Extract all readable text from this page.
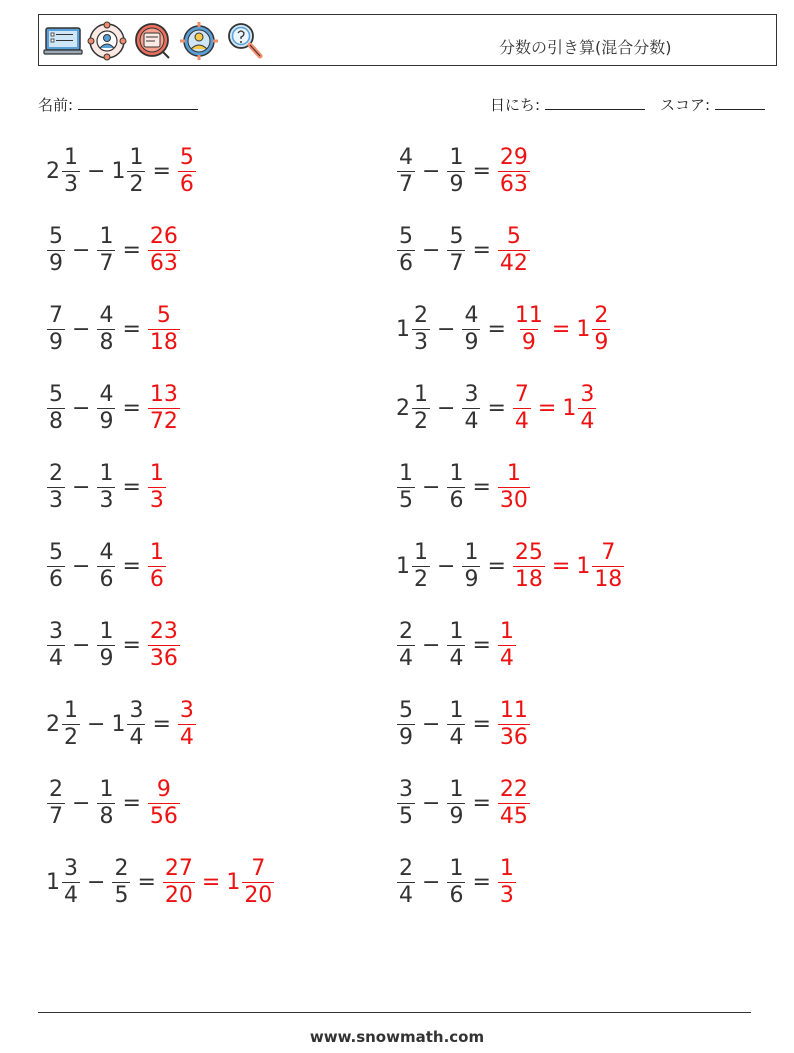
分数の引き算(混合分数)
名前:	日にち:	スコア:
$2 \frac{1}{3} - 1 \frac{1}{2} = \frac{5}{6}$	$\frac{4}{7} - \frac{1}{9} = \frac{29}{63}$
$\frac{5}{9} - \frac{1}{7} = \frac{26}{63}$	$\frac{5}{6} - \frac{5}{7} = \frac{5}{42}$
$\frac{7}{9} - \frac{4}{8} = \frac{5}{18}$	$1 \frac{2}{3} - \frac{4}{9} = \frac{11}{9} = 1 \frac{2}{9}$
$\frac{5}{8} - \frac{4}{9} = \frac{13}{72}$	$2 \frac{1}{2} - \frac{3}{4} = \frac{7}{4} = 1 \frac{3}{4}$
$\frac{2}{3} - \frac{1}{3} = \frac{1}{3}$	$\frac{1}{5} - \frac{1}{6} = \frac{1}{30}$
$\frac{5}{6} - \frac{4}{6} = \frac{1}{6}$	$1 \frac{1}{2} - \frac{1}{9} = \frac{25}{18} = 1 \frac{7}{18}$
$\frac{3}{4} - \frac{1}{9} = \frac{23}{36}$	$\frac{2}{4} - \frac{1}{4} = \frac{1}{4}$
$2 \frac{1}{2} - 1 \frac{3}{4} = \frac{3}{4}$	$\frac{5}{9} - \frac{1}{4} = \frac{11}{36}$
$\frac{2}{7} - \frac{1}{8} = \frac{9}{56}$	$\frac{3}{5} - \frac{1}{9} = \frac{22}{45}$
$1 \frac{3}{4} - \frac{2}{5} = \frac{27}{20} = 1 \frac{7}{20}$	$\frac{2}{4} - \frac{1}{6} = \frac{1}{3}$
www.snowmath.com
